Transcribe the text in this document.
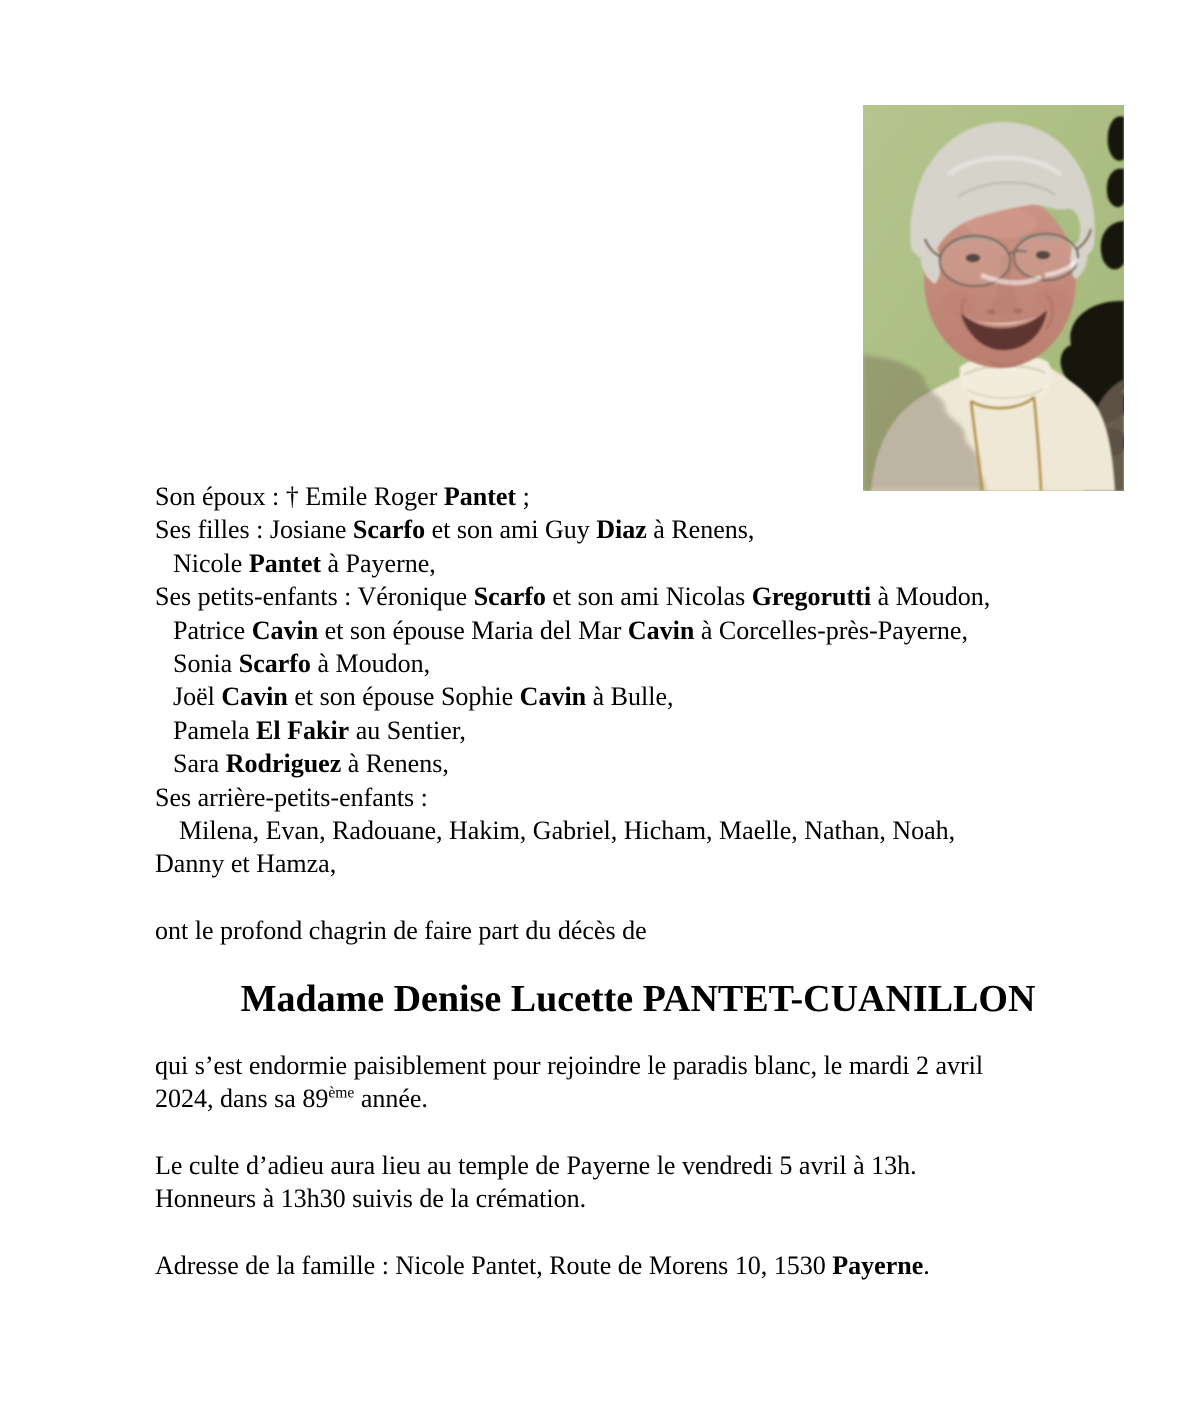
Son époux : † Emile Roger Pantet ;
Ses filles : Josiane Scarfo et son ami Guy Diaz à Renens,
Nicole Pantet à Payerne,
Ses petits-enfants : Véronique Scarfo et son ami Nicolas Gregorutti à Moudon,
Patrice Cavin et son épouse Maria del Mar Cavin à Corcelles-près-Payerne,
Sonia Scarfo à Moudon,
Joël Cavin et son épouse Sophie Cavin à Bulle,
Pamela El Fakir au Sentier,
Sara Rodriguez à Renens,
Ses arrière-petits-enfants :
Milena, Evan, Radouane, Hakim, Gabriel, Hicham, Maelle, Nathan, Noah,
Danny et Hamza,
ont le profond chagrin de faire part du décès de
Madame Denise Lucette PANTET-CUANILLON
qui s’est endormie paisiblement pour rejoindre le paradis blanc, le mardi 2 avril
2024, dans sa 89ème année.
Le culte d’adieu aura lieu au temple de Payerne le vendredi 5 avril à 13h.
Honneurs à 13h30 suivis de la crémation.
Adresse de la famille : Nicole Pantet, Route de Morens 10, 1530 Payerne.
